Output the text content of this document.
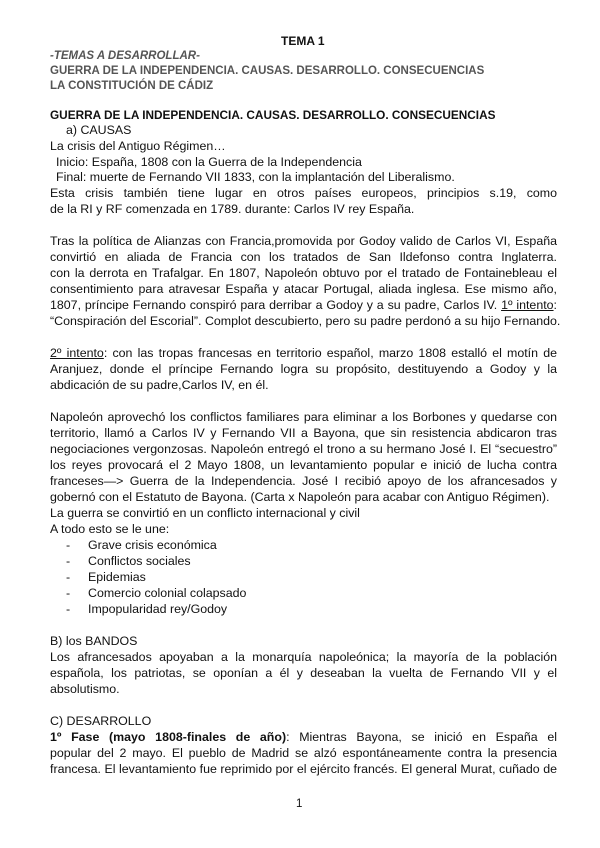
TEMA 1
-TEMAS A DESARROLLAR-
GUERRA DE LA INDEPENDENCIA. CAUSAS. DESARROLLO. CONSECUENCIAS
LA CONSTITUCIÓN DE CÁDIZ
GUERRA DE LA INDEPENDENCIA. CAUSAS. DESARROLLO. CONSECUENCIAS
a) CAUSAS
La crisis del Antiguo Régimen…
Inicio: España, 1808 con la Guerra de la Independencia
Final: muerte de Fernando VII 1833, con la implantación del Liberalismo.
Esta crisis también tiene lugar en otros países europeos, principios s.19, como
de la RI y RF comenzada en 1789. durante: Carlos IV rey España.
Tras la política de Alianzas con Francia,promovida por Godoy valido de Carlos VI, España
convirtió en aliada de Francia con los tratados de San Ildefonso contra Inglaterra.
con la derrota en Trafalgar. En 1807, Napoleón obtuvo por el tratado de Fontainebleau el
consentimiento para atravesar España y atacar Portugal, aliada inglesa. Ese mismo año,
1807, príncipe Fernando conspiró para derribar a Godoy y a su padre, Carlos IV. 1º intento:
“Conspiración del Escorial”. Complot descubierto, pero su padre perdonó a su hijo Fernando.
2º intento: con las tropas francesas en territorio español, marzo 1808 estalló el motín de
Aranjuez, donde el príncipe Fernando logra su propósito, destituyendo a Godoy y la
abdicación de su padre,Carlos IV, en él.
Napoleón aprovechó los conflictos familiares para eliminar a los Borbones y quedarse con
territorio, llamó a Carlos IV y Fernando VII a Bayona, que sin resistencia abdicaron tras
negociaciones vergonzosas. Napoleón entregó el trono a su hermano José I. El “secuestro”
los reyes provocará el 2 Mayo 1808, un levantamiento popular e inició de lucha contra
franceses—> Guerra de la Independencia. José I recibió apoyo de los afrancesados y
gobernó con el Estatuto de Bayona. (Carta x Napoleón para acabar con Antiguo Régimen).
La guerra se convirtió en un conflicto internacional y civil
A todo esto se le une:
- Grave crisis económica
- Conflictos sociales
- Epidemias
- Comercio colonial colapsado
- Impopularidad rey/Godoy
B) los BANDOS
Los afrancesados apoyaban a la monarquía napoleónica; la mayoría de la población
española, los patriotas, se oponían a él y deseaban la vuelta de Fernando VII y el
absolutismo.
C) DESARROLLO
1º Fase (mayo 1808-finales de año): Mientras Bayona, se inició en España el
popular del 2 mayo. El pueblo de Madrid se alzó espontáneamente contra la presencia
francesa. El levantamiento fue reprimido por el ejército francés. El general Murat, cuñado de
1
